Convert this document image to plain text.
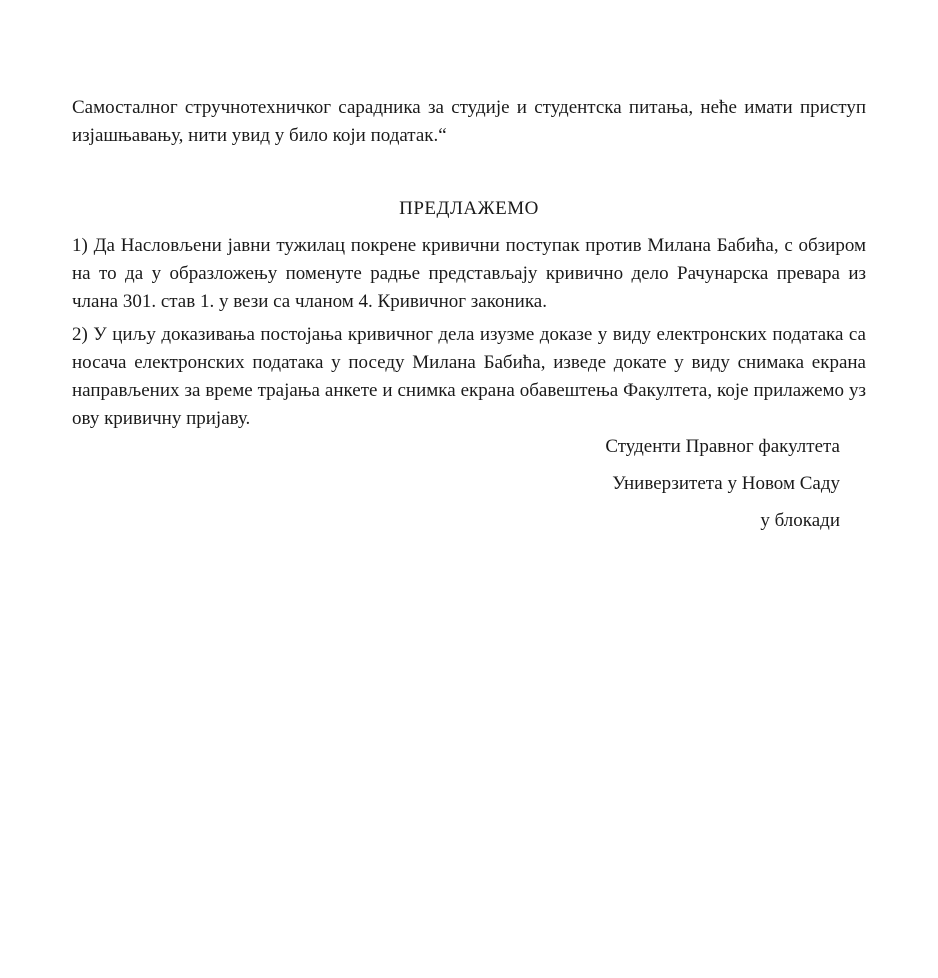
Самосталног стручнотехничког сарадника за студије и студентска питања, неће имати приступ изјашњавању, нити увид у било који податак.“

ПРЕДЛАЖЕМО

1) Да Насловљени јавни тужилац покрене кривични поступак против Милана Бабића, с обзиром на то да у образложењу поменуте радње представљају кривично дело Рачунарска превара из члана 301. став 1. у вези са чланом 4. Кривичног законика.

2) У циљу доказивања постојања кривичног дела изузме доказе у виду електронских података са носача електронских података у поседу Милана Бабића, изведе докате у виду снимака екрана направљених за време трајања анкете и снимка екрана обавештења Факултета, које прилажемо уз ову кривичну пријаву.

Студенти Правног факултета
Универзитета у Новом Саду
у блокади
